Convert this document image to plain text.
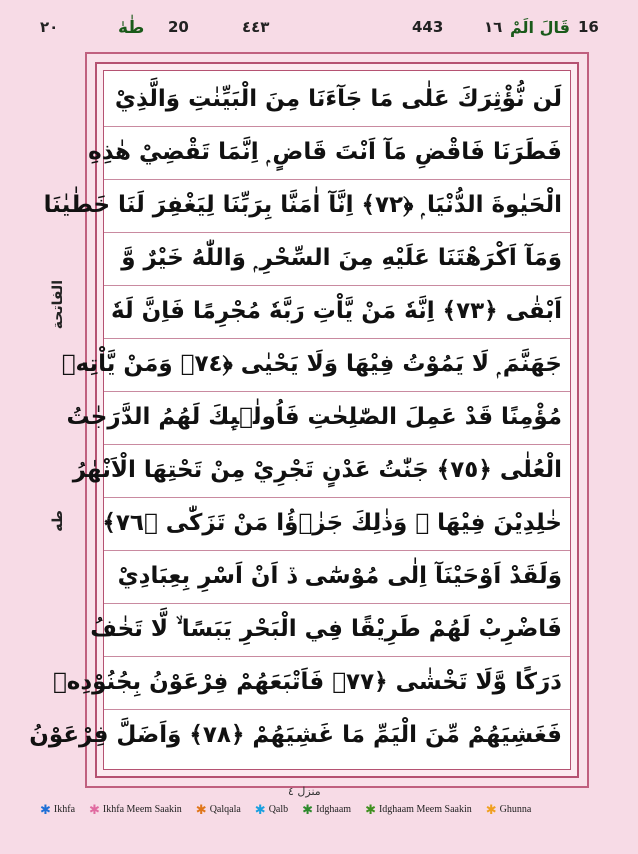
٢٠	طٰهٰ 20	٤٤٣	443	١٦ قَالَ الَمْ 16
الفاتحة
طه
لَن نُّؤْثِرَكَ عَلٰى مَا جَآءَنَا مِنَ الْبَيِّنٰتِ وَالَّذِيْ
فَطَرَنَا فَاقْضِ مَآ اَنْتَ قَاضٍ ۭ اِنَّمَا تَقْضِيْ هٰذِهِ
الْحَيٰوةَ الدُّنْيَا ۭ ﴿٧٢﴾ اِنَّآ اٰمَنَّا بِرَبِّنَا لِيَغْفِرَ لَنَا خَطٰيٰنَا
وَمَآ اَكْرَهْتَنَا عَلَيْهِ مِنَ السِّحْرِ ۭ وَاللّٰهُ خَيْرٌ وَّ
اَبْقٰى ﴿٧٣﴾ اِنَّهٗ مَنْ يَّاْتِ رَبَّهٗ مُجْرِمًا فَاِنَّ لَهٗ
جَهَنَّمَ ۭ لَا يَمُوْتُ فِيْهَا وَلَا يَحْيٰى ﴿٧٤﴾ وَمَنْ يَّاْتِهٖ
مُؤْمِنًا قَدْ عَمِلَ الصّٰلِحٰتِ فَاُولٰۗىِٕكَ لَهُمُ الدَّرَجٰتُ
الْعُلٰى ﴿٧٥﴾ جَنّٰتُ عَدْنٍ تَجْرِيْ مِنْ تَحْتِهَا الْاَنْهٰرُ
خٰلِدِيْنَ فِيْهَا ۭ وَذٰلِكَ جَزٰۗؤُا مَنْ تَزَكّٰى ﴿٧٦﴾
وَلَقَدْ اَوْحَيْنَآ اِلٰى مُوْسٰٓى ڏ اَنْ اَسْرِ بِعِبَادِيْ
فَاضْرِبْ لَهُمْ طَرِيْقًا فِي الْبَحْرِ يَبَسًا ۙ لَّا تَخٰفُ
دَرَكًا وَّلَا تَخْشٰى ﴿٧٧﴾ فَاَتْبَعَهُمْ فِرْعَوْنُ بِجُنُوْدِهٖ
فَغَشِيَهُمْ مِّنَ الْيَمِّ مَا غَشِيَهُمْ ﴿٧٨﴾ وَاَضَلَّ فِرْعَوْنُ
منزل ٤
✱ Ikhfa ✱ Ikhfa Meem Saakin ✱ Qalqala ✱ Qalb ✱ Idghaam ✱ Idghaam Meem Saakin ✱ Ghunna
